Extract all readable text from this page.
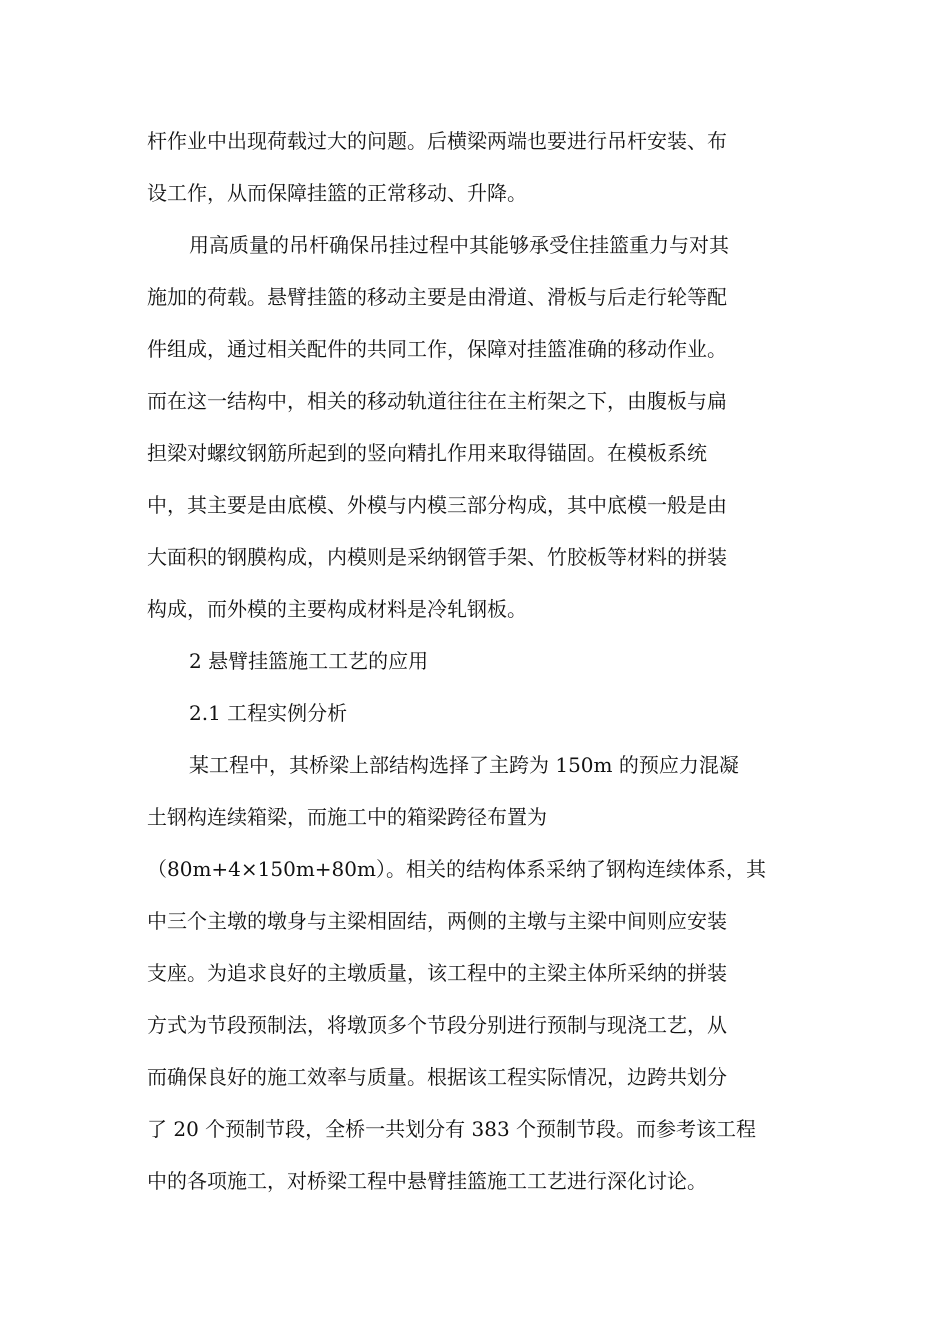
杆作业中出现荷载过大的问题。后横梁两端也要进行吊杆安装、布
设工作，从而保障挂篮的正常移动、升降。
用高质量的吊杆确保吊挂过程中其能够承受住挂篮重力与对其
施加的荷载。悬臂挂篮的移动主要是由滑道、滑板与后走行轮等配
件组成，通过相关配件的共同工作，保障对挂篮准确的移动作业。
而在这一结构中，相关的移动轨道往往在主桁架之下，由腹板与扁
担梁对螺纹钢筋所起到的竖向精扎作用来取得锚固。在模板系统
中，其主要是由底模、外模与内模三部分构成，其中底模一般是由
大面积的钢膜构成，内模则是采纳钢管手架、竹胶板等材料的拼装
构成，而外模的主要构成材料是冷轧钢板。
2 悬臂挂篮施工工艺的应用
2.1 工程实例分析
某工程中，其桥梁上部结构选择了主跨为 150m 的预应力混凝
土钢构连续箱梁，而施工中的箱梁跨径布置为
（80m+4×150m+80m）。相关的结构体系采纳了钢构连续体系，其
中三个主墩的墩身与主梁相固结，两侧的主墩与主梁中间则应安装
支座。为追求良好的主墩质量，该工程中的主梁主体所采纳的拼装
方式为节段预制法，将墩顶多个节段分别进行预制与现浇工艺，从
而确保良好的施工效率与质量。根据该工程实际情况，边跨共划分
了 20 个预制节段，全桥一共划分有 383 个预制节段。而参考该工程
中的各项施工，对桥梁工程中悬臂挂篮施工工艺进行深化讨论。
